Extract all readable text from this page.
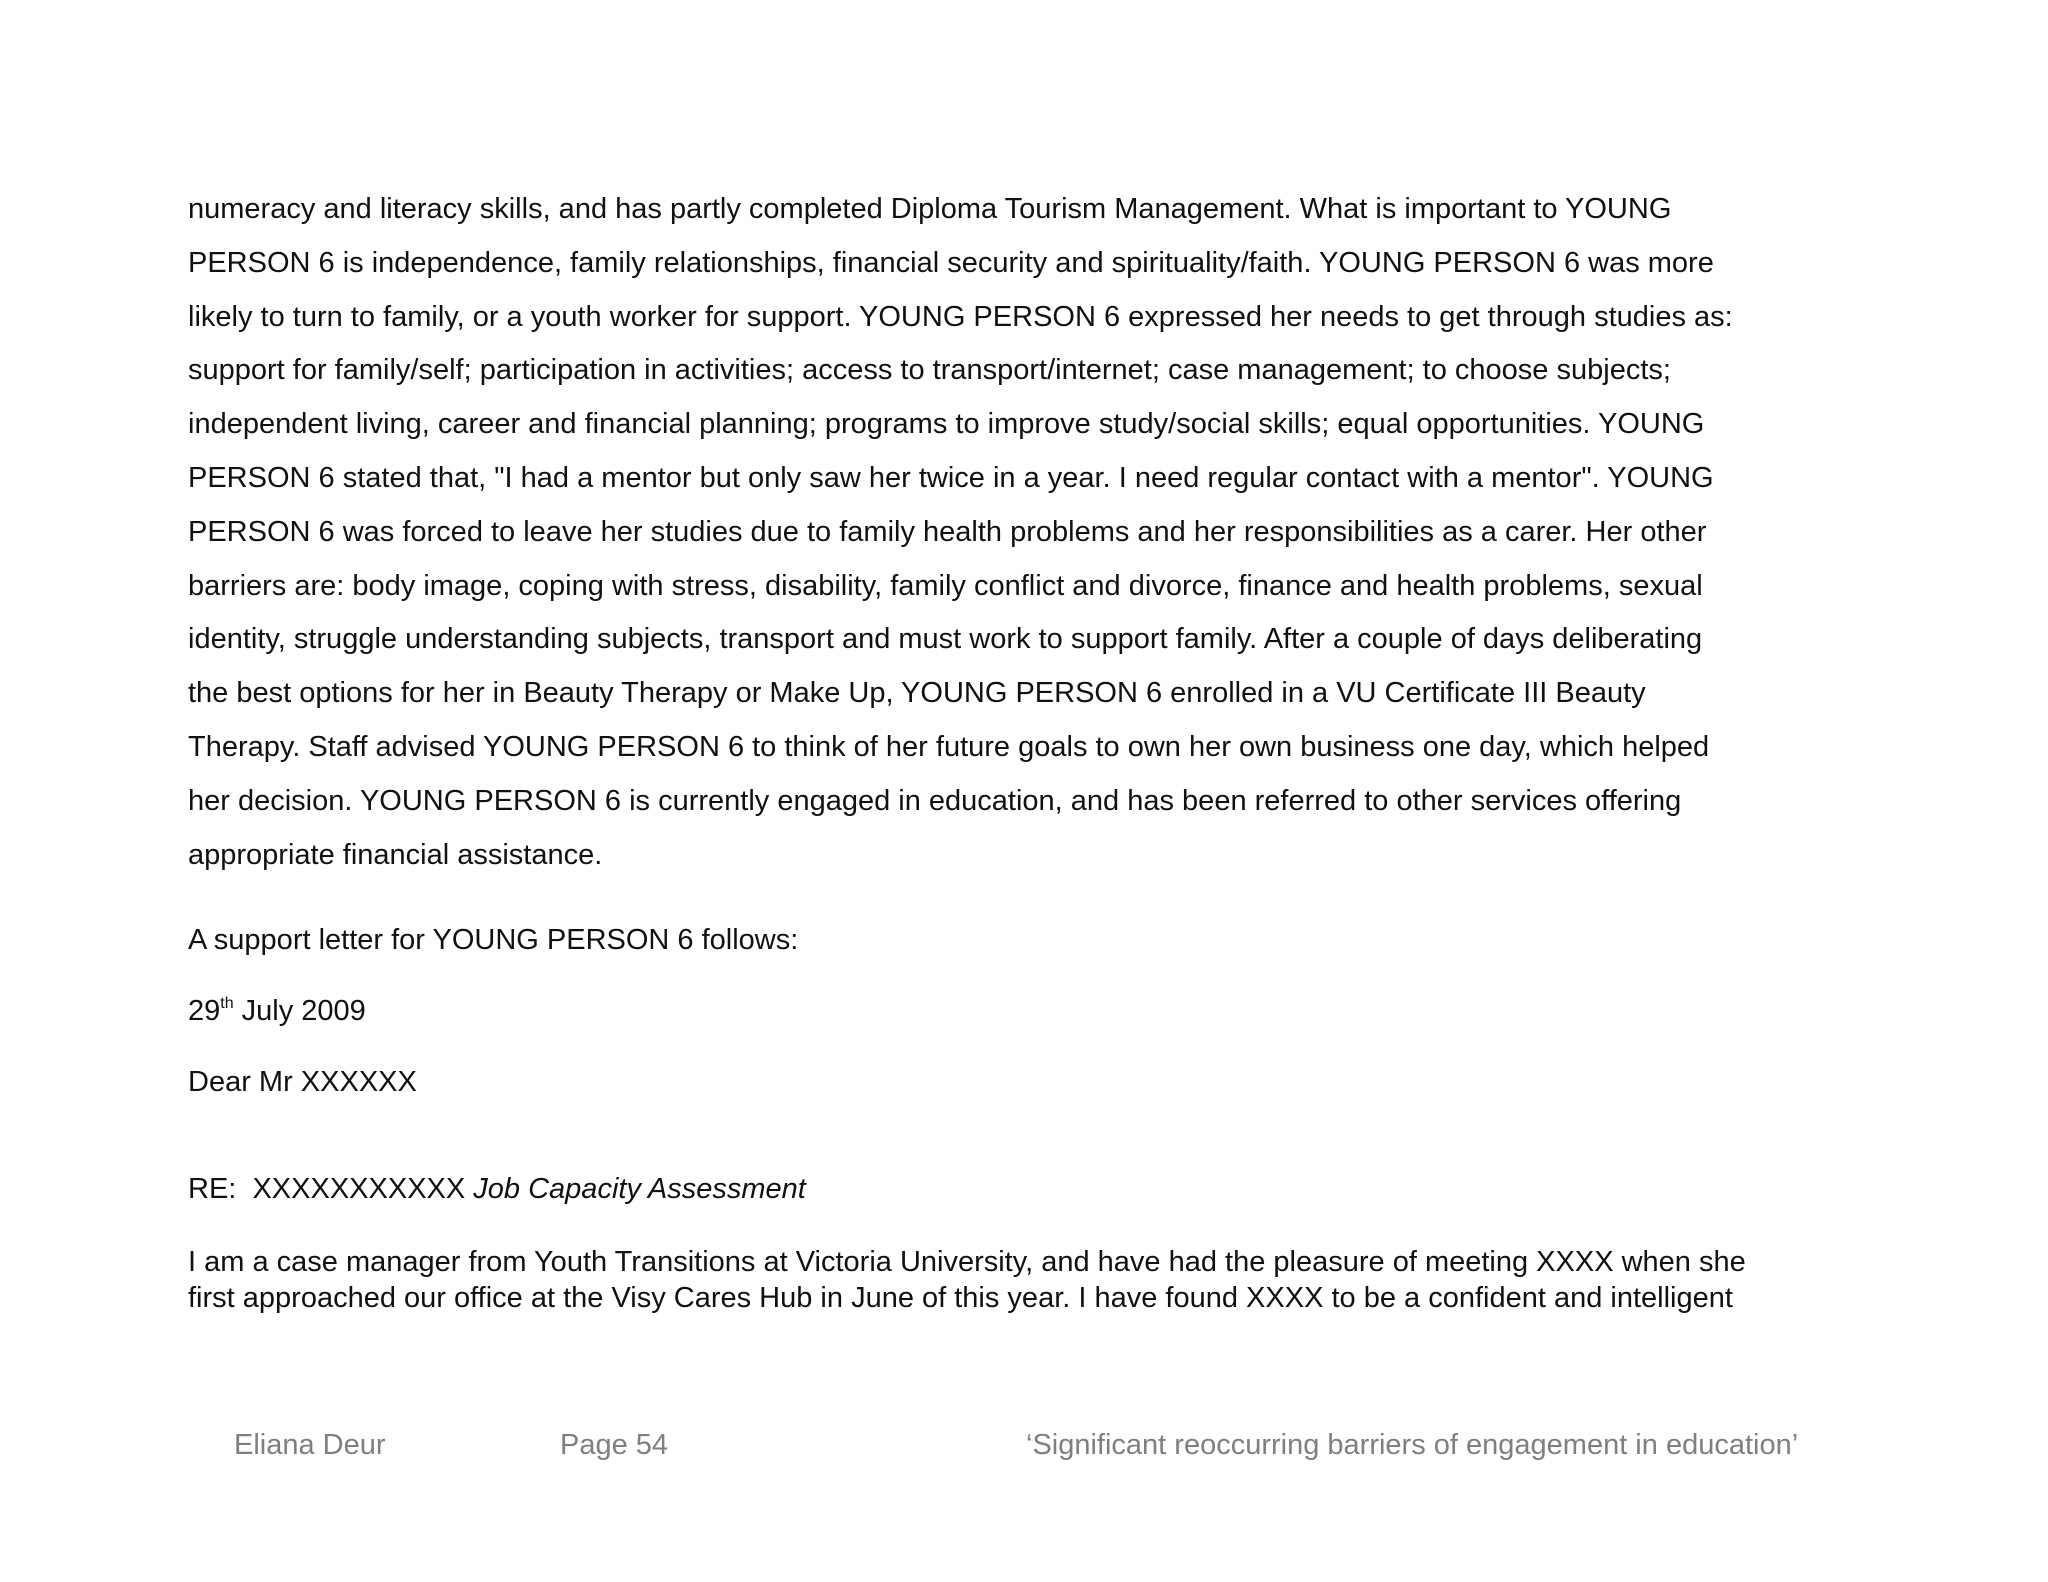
numeracy and literacy skills, and has partly completed Diploma Tourism Management. What is important to YOUNG
PERSON 6 is independence, family relationships, financial security and spirituality/faith. YOUNG PERSON 6 was more
likely to turn to family, or a youth worker for support. YOUNG PERSON 6 expressed her needs to get through studies as:
support for family/self; participation in activities; access to transport/internet; case management; to choose subjects;
independent living, career and financial planning; programs to improve study/social skills; equal opportunities. YOUNG
PERSON 6 stated that, "I had a mentor but only saw her twice in a year. I need regular contact with a mentor". YOUNG
PERSON 6 was forced to leave her studies due to family health problems and her responsibilities as a carer. Her other
barriers are: body image, coping with stress, disability, family conflict and divorce, finance and health problems, sexual
identity, struggle understanding subjects, transport and must work to support family. After a couple of days deliberating
the best options for her in Beauty Therapy or Make Up, YOUNG PERSON 6 enrolled in a VU Certificate III Beauty
Therapy. Staff advised YOUNG PERSON 6 to think of her future goals to own her own business one day, which helped
her decision. YOUNG PERSON 6 is currently engaged in education, and has been referred to other services offering
appropriate financial assistance.

A support letter for YOUNG PERSON 6 follows:

29th July 2009

Dear Mr XXXXXX

RE:  XXXXXXXXXXX Job Capacity Assessment

I am a case manager from Youth Transitions at Victoria University, and have had the pleasure of meeting XXXX when she
first approached our office at the Visy Cares Hub in June of this year. I have found XXXX to be a confident and intelligent

Eliana Deur	Page 54	‘Significant reoccurring barriers of engagement in education’
